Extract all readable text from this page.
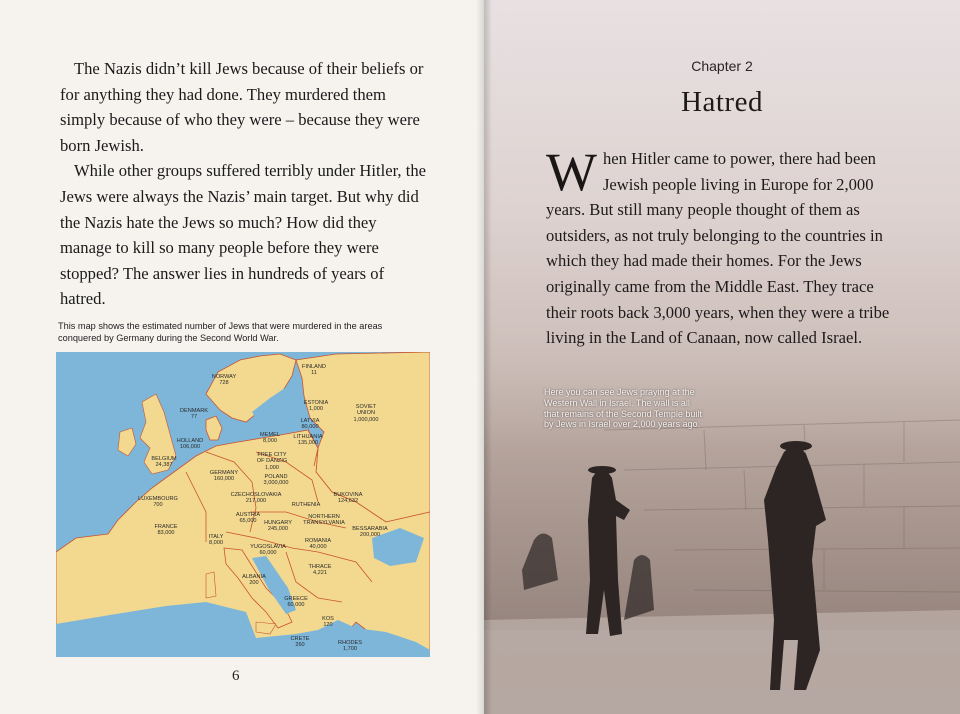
The Nazis didn’t kill Jews because of their beliefs or for anything they had done. They murdered them simply because of who they were – because they were born Jewish.

While other groups suffered terribly under Hitler, the Jews were always the Nazis’ main target. But why did the Nazis hate the Jews so much? How did they manage to kill so many people before they were stopped? The answer lies in hundreds of years of hatred.

This map shows the estimated number of Jews that were murdered in the areas conquered by Germany during the Second World War.
NORWAY
728
FINLAND
11
DENMARK
77
ESTONIA
1,000	SOVIET
UNION
1,000,000
LATVIA
80,000
MEMEL
8,000
LITHUANIA
135,000
HOLLAND
106,000
BELGIUM
24,387
FREE CITY
OF DANZIG
1,000
GERMANY
160,000	POLAND
3,000,000
LUXEMBOURG
700
CZECHOSLOVAKIA
217,000
RUTHENIA
BUKOVINA
124,632
AUSTRIA
65,000	HUNGARY
245,000
NORTHERN
TRANSYLVANIA
BESSARABIA
200,000
FRANCE
83,000
ITALY
8,000	ROMANIA
40,000
YUGOSLAVIA
60,000
THRACE
4,221
ALBANIA
200
GREECE
60,000
KOS
120
CRETE
260	RHODES
1,700
6
Chapter 2
Hatred
When Hitler came to power, there had been Jewish people living in Europe for 2,000 years. But still many people thought of them as outsiders, as not truly belonging to the countries in which they had made their homes. For the Jews originally came from the Middle East. They trace their roots back 3,000 years, when they were a tribe living in the Land of Canaan, now called Israel.
Here you can see Jews praying at the Western Wall in Israel. The wall is all that remains of the Second Temple built by Jews in Israel over 2,000 years ago.
